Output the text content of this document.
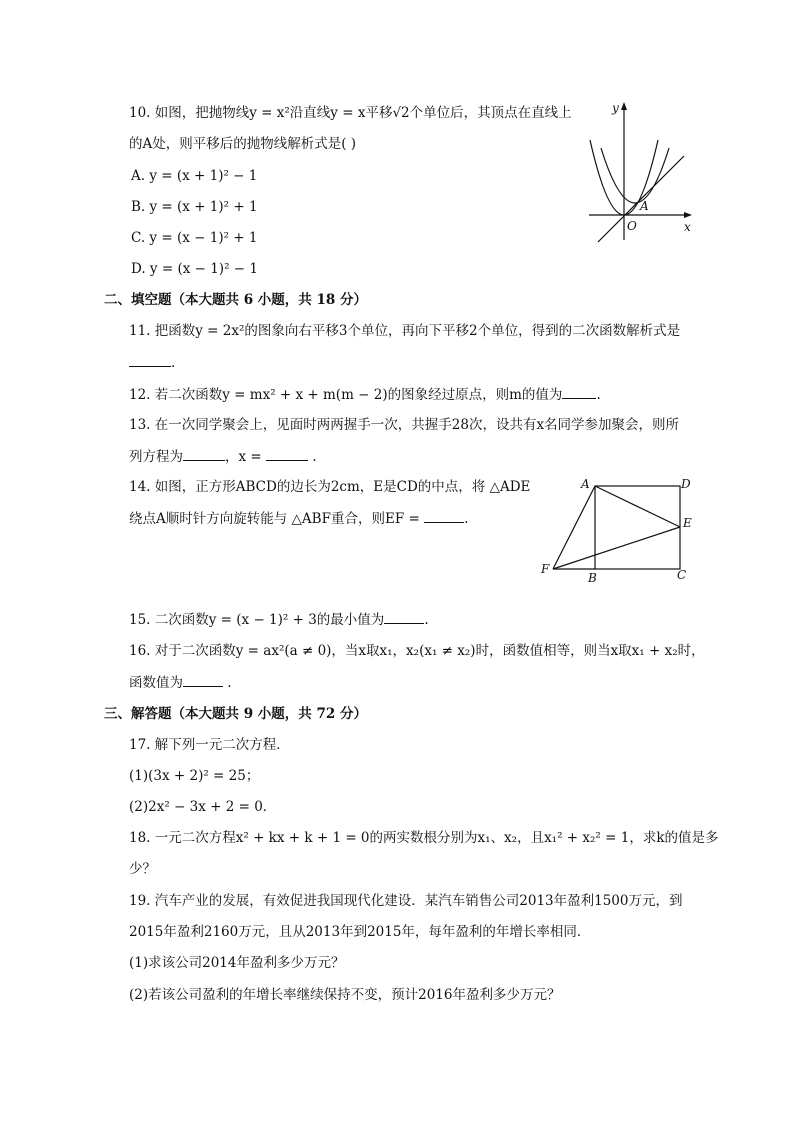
10. 如图，把抛物线y = x²沿直线y = x平移√2个单位后，其顶点在直线上
的A处，则平移后的抛物线解析式是( )
A. y = (x + 1)² − 1
B. y = (x + 1)² + 1
C. y = (x − 1)² + 1
D. y = (x − 1)² − 1
y
x
O
A
二、填空题（本大题共 6 小题，共 18 分）
11. 把函数y = 2x²的图象向右平移3个单位，再向下平移2个单位，得到的二次函数解析式是
.
12. 若二次函数y = mx² + x + m(m − 2)的图象经过原点，则m的值为	.
13. 在一次同学聚会上，见面时两两握手一次，共握手28次，设共有x名同学参加聚会，则所
列方程为	，x =	.
14. 如图，正方形ABCD的边长为2cm，E是CD的中点，将 △ADE
绕点A顺时针方向旋转能与 △ABF重合，则EF =	.
A	D
E
C
B
F
15. 二次函数y = (x − 1)² + 3的最小值为	.
16. 对于二次函数y = ax²(a ≠ 0)，当x取x₁，x₂(x₁ ≠ x₂)时，函数值相等，则当x取x₁ + x₂时，
函数值为	.
三、解答题（本大题共 9 小题，共 72 分）
17. 解下列一元二次方程．
(1)(3x + 2)² = 25；
(2)2x² − 3x + 2 = 0．
18. 一元二次方程x² + kx + k + 1 = 0的两实数根分别为x₁、x₂，且x₁² + x₂² = 1，求k的值是多
少？
19. 汽车产业的发展，有效促进我国现代化建设．某汽车销售公司2013年盈利1500万元，到
2015年盈利2160万元，且从2013年到2015年，每年盈利的年增长率相同．
(1)求该公司2014年盈利多少万元？
(2)若该公司盈利的年增长率继续保持不变，预计2016年盈利多少万元？
